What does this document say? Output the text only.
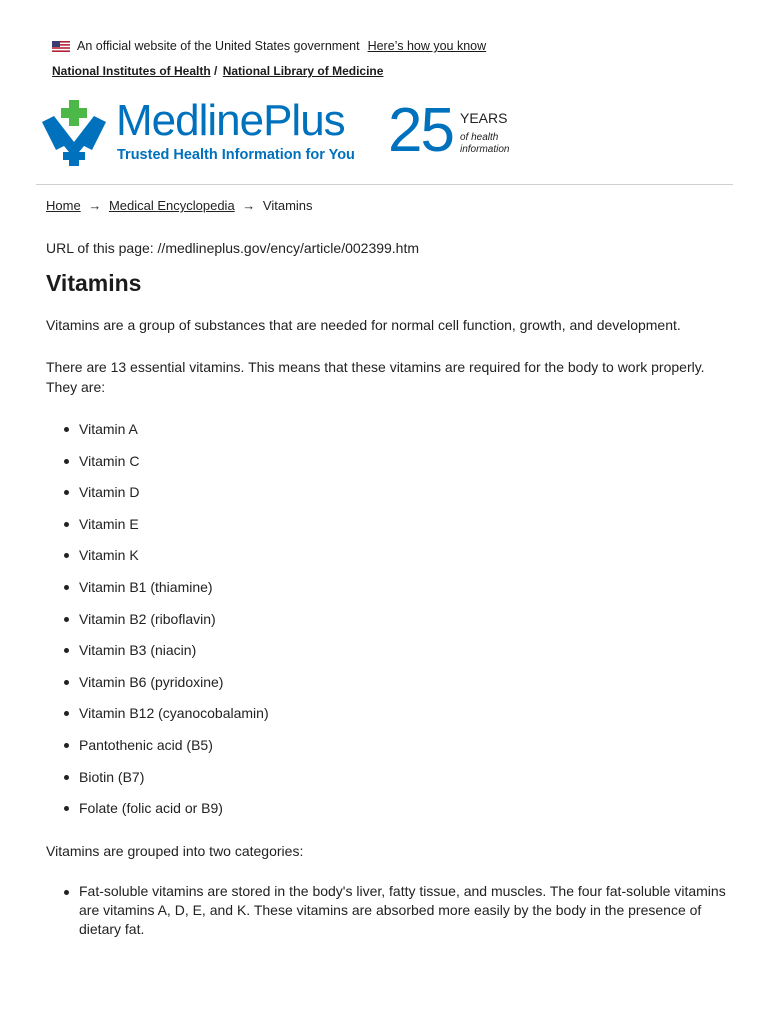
An official website of the United States government Here’s how you know
National Institutes of Health / National Library of Medicine
MedlinePlus
Trusted Health Information for You 25 YEARS
of health
information
Home → Medical Encyclopedia → Vitamins
URL of this page: //medlineplus.gov/ency/article/002399.htm
Vitamins

Vitamins are a group of substances that are needed for normal cell function, growth, and development.

There are 13 essential vitamins. This means that these vitamins are required for the body to work properly. They are:

Vitamin A
Vitamin C
Vitamin D
Vitamin E
Vitamin K
Vitamin B1 (thiamine)
Vitamin B2 (riboflavin)
Vitamin B3 (niacin)
Vitamin B6 (pyridoxine)
Vitamin B12 (cyanocobalamin)
Pantothenic acid (B5)
Biotin (B7)
Folate (folic acid or B9)

Vitamins are grouped into two categories:

Fat-soluble vitamins are stored in the body's liver, fatty tissue, and muscles. The four fat-soluble vitamins are vitamins A, D, E, and K. These vitamins are absorbed more easily by the body in the presence of dietary fat.
